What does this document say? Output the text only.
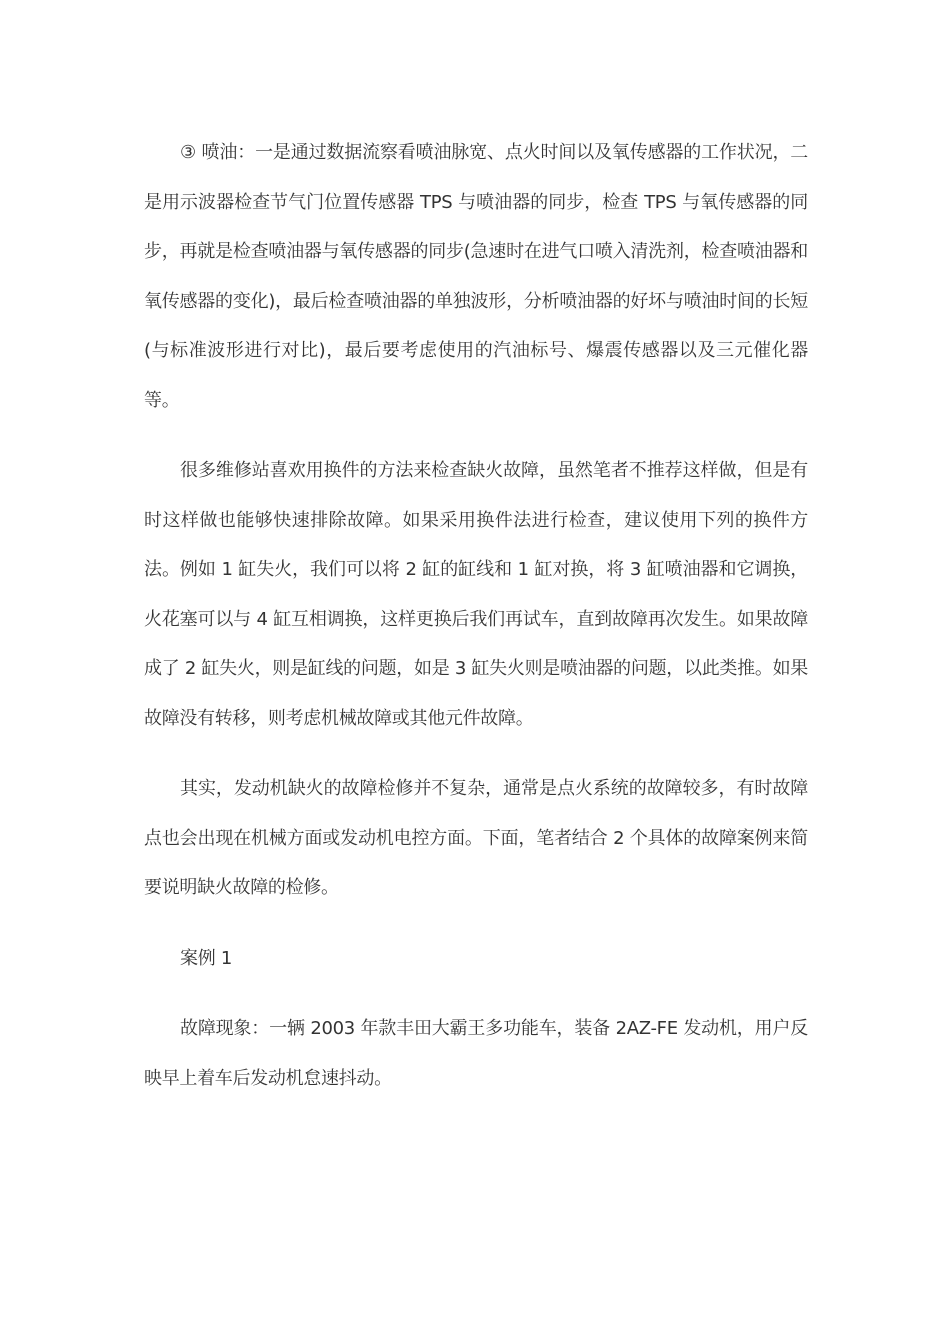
③ 喷油：一是通过数据流察看喷油脉宽、点火时间以及氧传感器的工作状况，二是用示波器检查节气门位置传感器 TPS 与喷油器的同步，检查 TPS 与氧传感器的同步，再就是检查喷油器与氧传感器的同步(急速时在进气口喷入清洗剂，检查喷油器和氧传感器的变化)，最后检查喷油器的单独波形，分析喷油器的好坏与喷油时间的长短(与标准波形进行对比)，最后要考虑使用的汽油标号、爆震传感器以及三元催化器等。

很多维修站喜欢用换件的方法来检查缺火故障，虽然笔者不推荐这样做，但是有时这样做也能够快速排除故障。如果采用换件法进行检查，建议使用下列的换件方法。例如 1 缸失火，我们可以将 2 缸的缸线和 1 缸对换，将 3 缸喷油器和它调换，火花塞可以与 4 缸互相调换，这样更换后我们再试车，直到故障再次发生。如果故障成了 2 缸失火，则是缸线的问题，如是 3 缸失火则是喷油器的问题，以此类推。如果故障没有转移，则考虑机械故障或其他元件故障。

其实，发动机缺火的故障检修并不复杂，通常是点火系统的故障较多，有时故障点也会出现在机械方面或发动机电控方面。下面，笔者结合 2 个具体的故障案例来简要说明缺火故障的检修。

案例 1

故障现象：一辆 2003 年款丰田大霸王多功能车，装备 2AZ-FE 发动机，用户反映早上着车后发动机怠速抖动。
